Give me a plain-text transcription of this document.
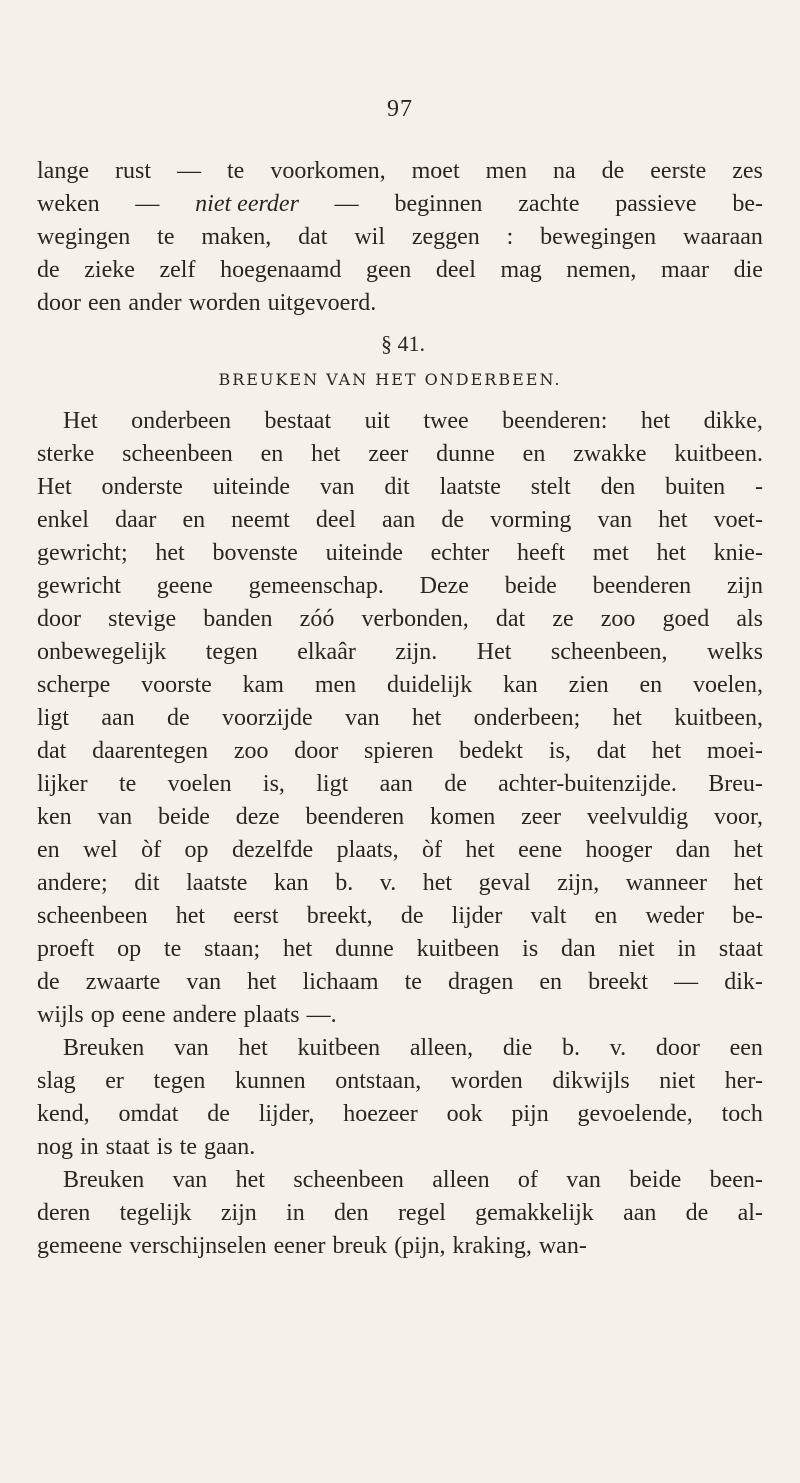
97
lange rust — te voorkomen, moet men na de eerste zes
weken — niet eerder — beginnen zachte passieve be-
wegingen te maken, dat wil zeggen : bewegingen waaraan
de zieke zelf hoegenaamd geen deel mag nemen, maar die
door een ander worden uitgevoerd.
§ 41.
BREUKEN VAN HET ONDERBEEN.
Het onderbeen bestaat uit twee beenderen: het dikke,
sterke scheenbeen en het zeer dunne en zwakke kuitbeen.
Het onderste uiteinde van dit laatste stelt den buiten -
enkel daar en neemt deel aan de vorming van het voet-
gewricht; het bovenste uiteinde echter heeft met het knie-
gewricht geene gemeenschap. Deze beide beenderen zijn
door stevige banden zóó verbonden, dat ze zoo goed als
onbewegelijk tegen elkaâr zijn. Het scheenbeen, welks
scherpe voorste kam men duidelijk kan zien en voelen,
ligt aan de voorzijde van het onderbeen; het kuitbeen,
dat daarentegen zoo door spieren bedekt is, dat het moei-
lijker te voelen is, ligt aan de achter-buitenzijde. Breu-
ken van beide deze beenderen komen zeer veelvuldig voor,
en wel òf op dezelfde plaats, òf het eene hooger dan het
andere; dit laatste kan b. v. het geval zijn, wanneer het
scheenbeen het eerst breekt, de lijder valt en weder be-
proeft op te staan; het dunne kuitbeen is dan niet in staat
de zwaarte van het lichaam te dragen en breekt — dik-
wijls op eene andere plaats —.
Breuken van het kuitbeen alleen, die b. v. door een
slag er tegen kunnen ontstaan, worden dikwijls niet her-
kend, omdat de lijder, hoezeer ook pijn gevoelende, toch
nog in staat is te gaan.
Breuken van het scheenbeen alleen of van beide been-
deren tegelijk zijn in den regel gemakkelijk aan de al-
gemeene verschijnselen eener breuk (pijn, kraking, wan-
